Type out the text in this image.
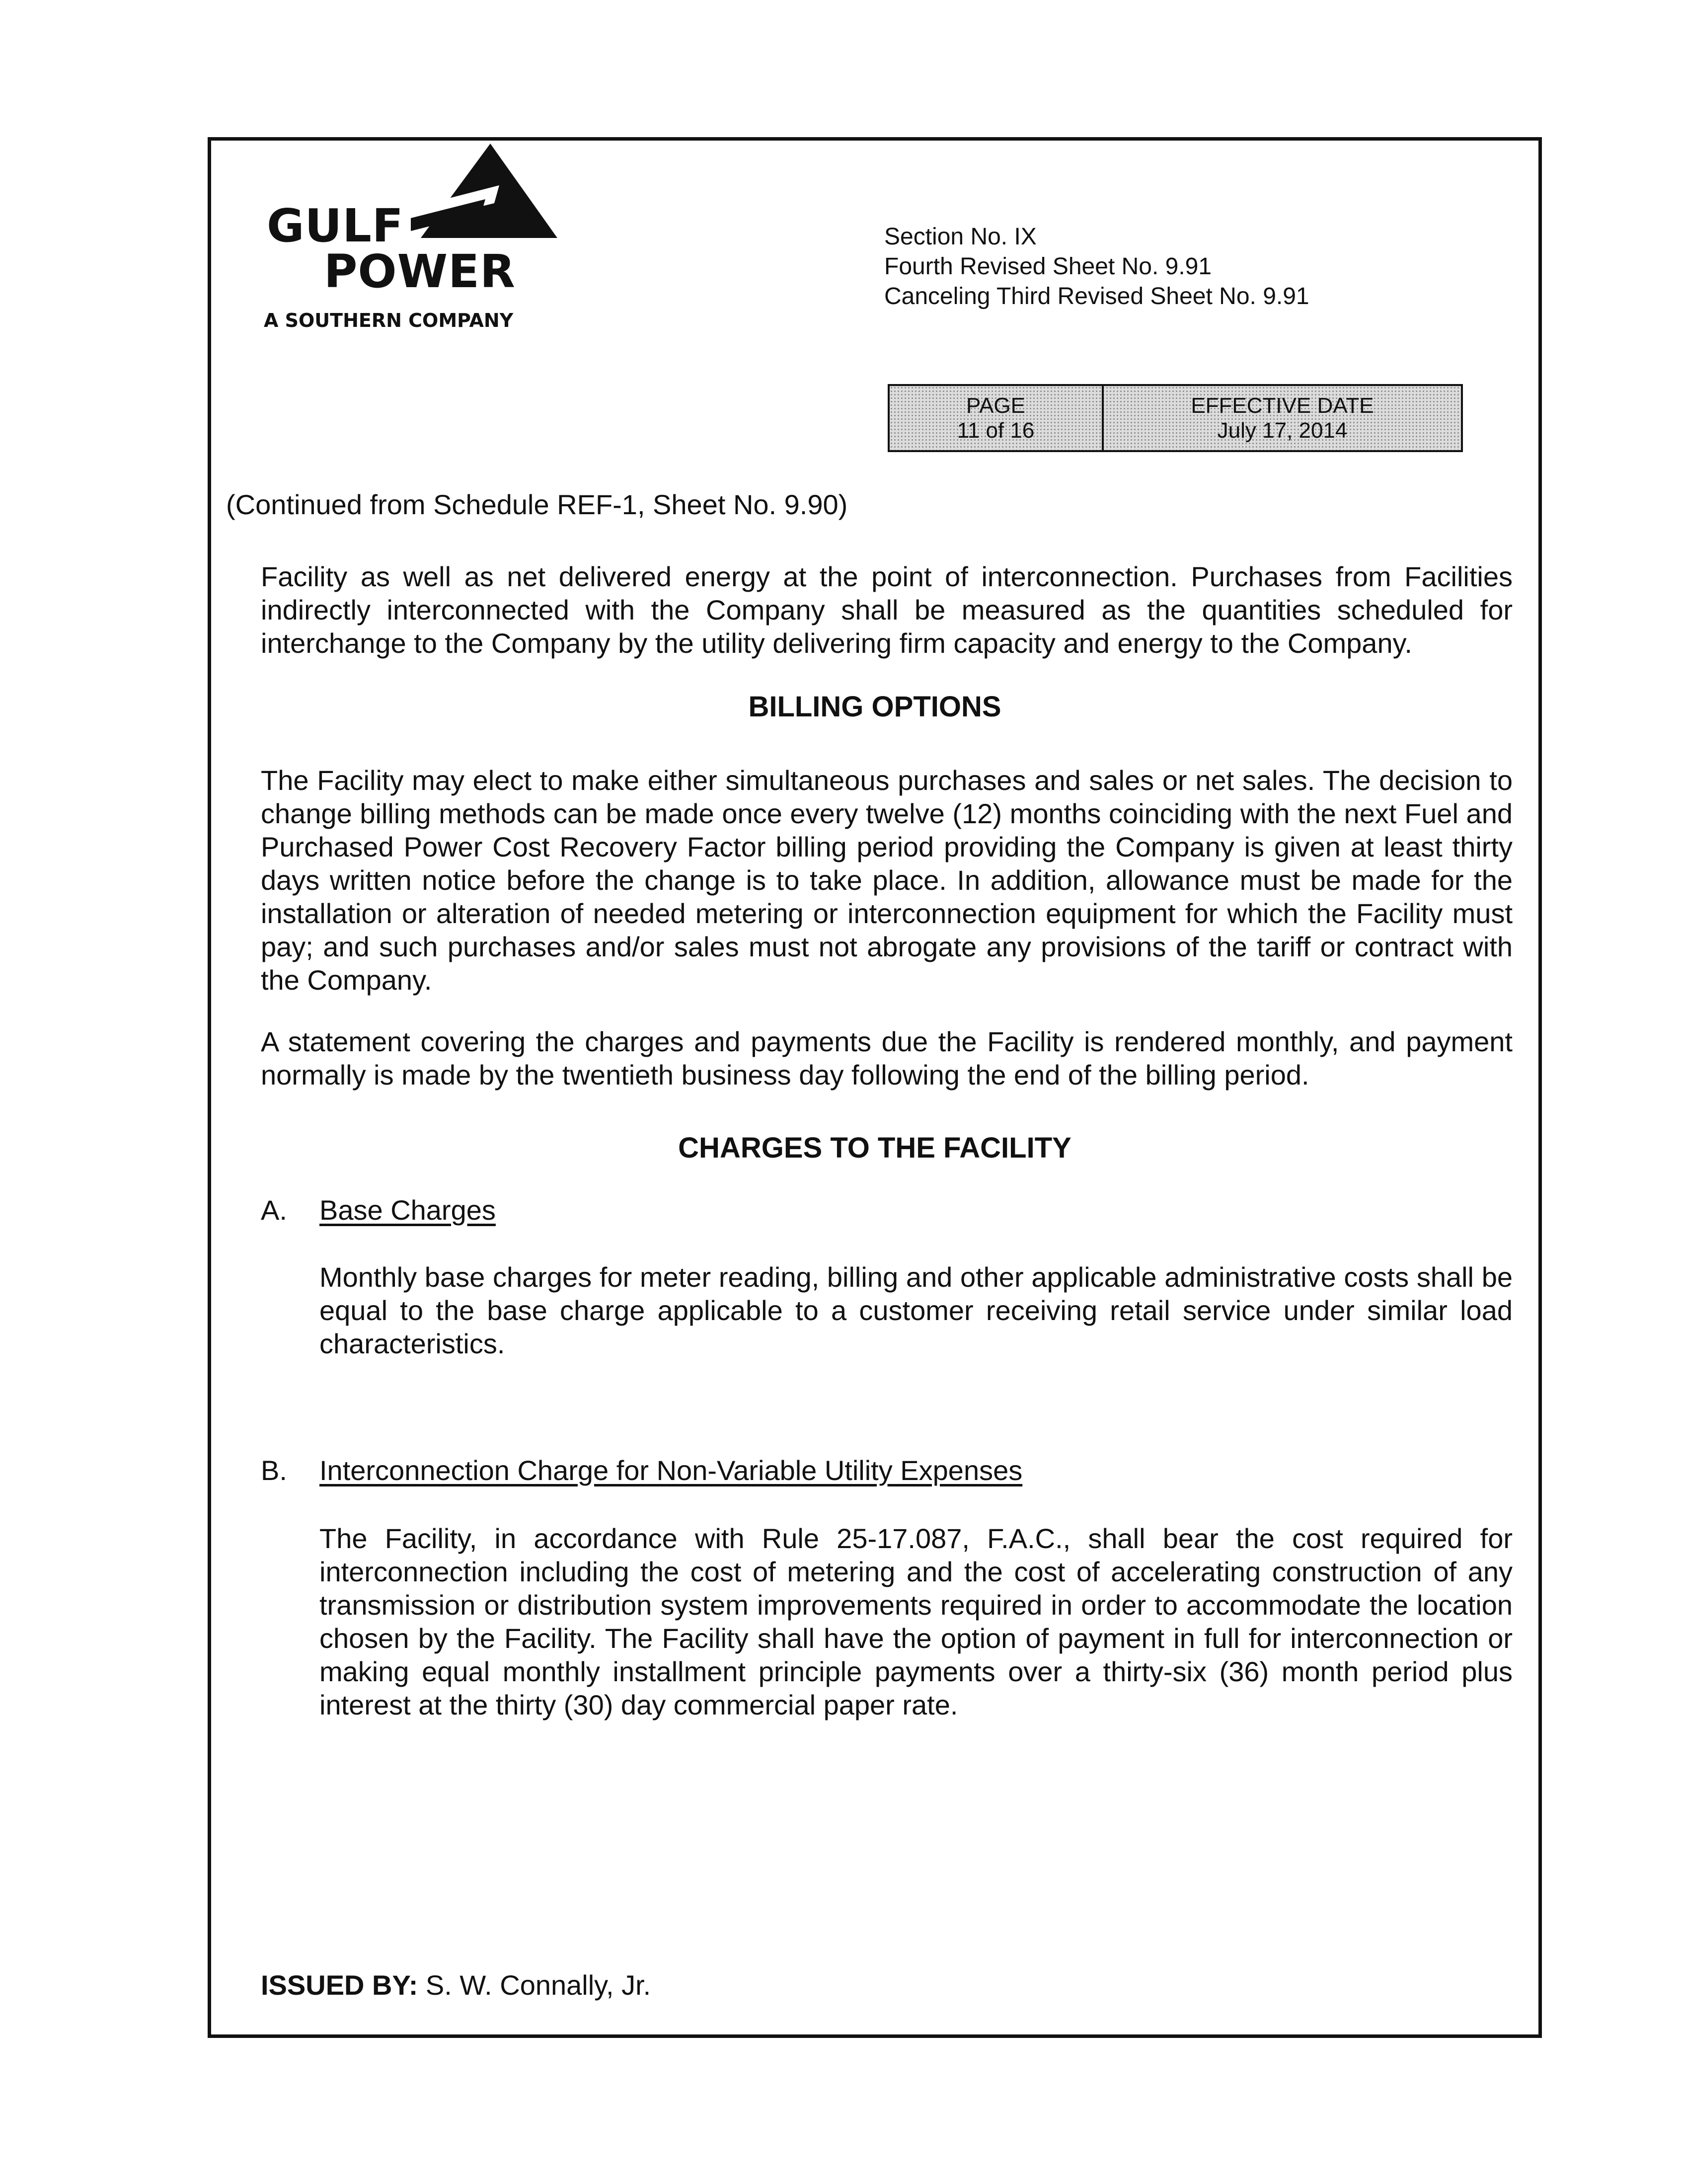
GULF
POWER
A SOUTHERN COMPANY
Section No. IX
Fourth Revised Sheet No. 9.91
Canceling Third Revised Sheet No. 9.91
PAGE
11 of 16
EFFECTIVE DATE
July 17, 2014
(Continued from Schedule REF-1, Sheet No. 9.90)

Facility as well as net delivered energy at the point of interconnection. Purchases from Facilities indirectly interconnected with the Company shall be measured as the quantities scheduled for interchange to the Company by the utility delivering firm capacity and energy to the Company.

BILLING OPTIONS

The Facility may elect to make either simultaneous purchases and sales or net sales. The decision to change billing methods can be made once every twelve (12) months coinciding with the next Fuel and Purchased Power Cost Recovery Factor billing period providing the Company is given at least thirty days written notice before the change is to take place. In addition, allowance must be made for the installation or alteration of needed metering or interconnection equipment for which the Facility must pay; and such purchases and/or sales must not abrogate any provisions of the tariff or contract with the Company.

A statement covering the charges and payments due the Facility is rendered monthly, and payment normally is made by the twentieth business day following the end of the billing period.

CHARGES TO THE FACILITY
A. Base Charges

Monthly base charges for meter reading, billing and other applicable administrative costs shall be equal to the base charge applicable to a customer receiving retail service under similar load characteristics.

B. Interconnection Charge for Non-Variable Utility Expenses

The Facility, in accordance with Rule 25-17.087, F.A.C., shall bear the cost required for interconnection including the cost of metering and the cost of accelerating construction of any transmission or distribution system improvements required in order to accommodate the location chosen by the Facility. The Facility shall have the option of payment in full for interconnection or making equal monthly installment principle payments over a thirty-six (36) month period plus interest at the thirty (30) day commercial paper rate.

ISSUED BY: S. W. Connally, Jr.
